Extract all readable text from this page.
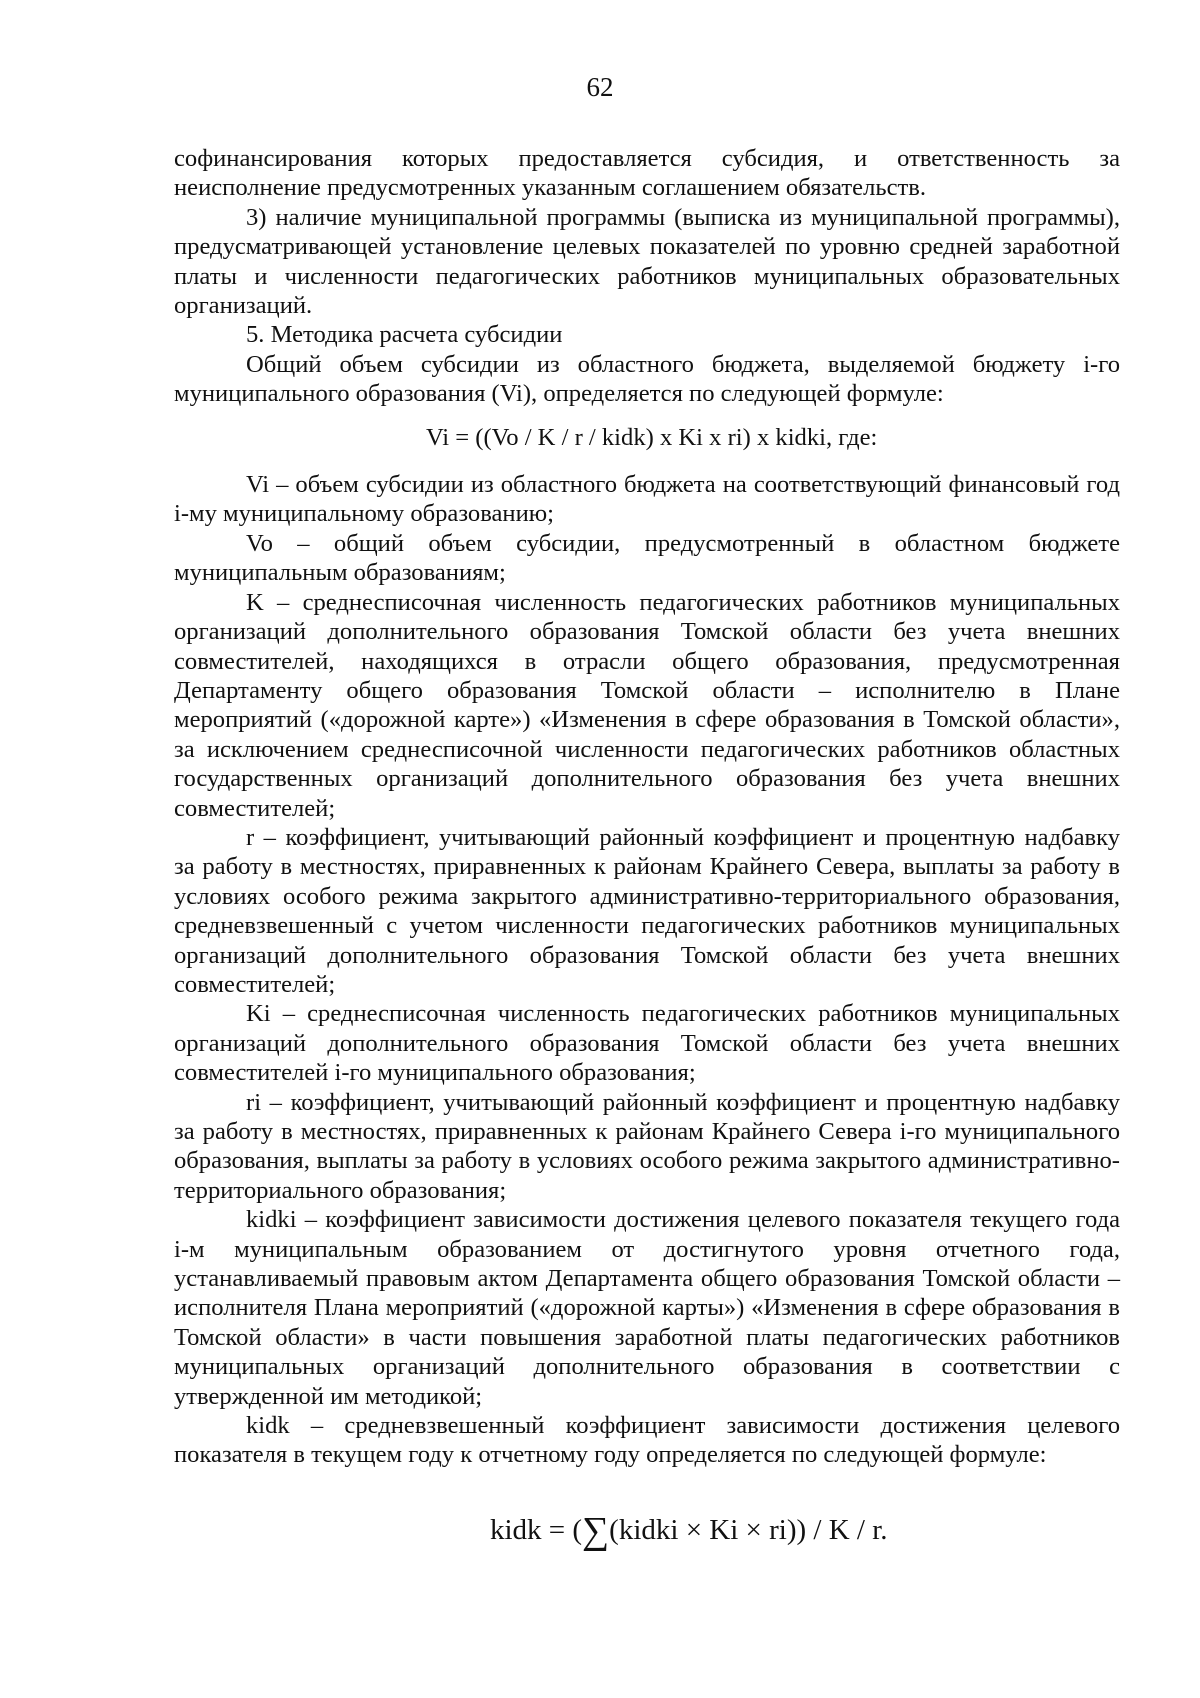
62

софинансирования которых предоставляется субсидия, и ответственность за неисполнение предусмотренных указанным соглашением обязательств.

3) наличие муниципальной программы (выписка из муниципальной программы), предусматривающей установление целевых показателей по уровню средней заработной платы и численности педагогических работников муниципальных образовательных организаций.

5. Методика расчета субсидии

Общий объем субсидии из областного бюджета, выделяемой бюджету i-го муниципального образования (Vi), определяется по следующей формуле:

Vi = ((Vo / K / r / kidk) x Ki x ri) x kidki, где:

Vi – объем субсидии из областного бюджета на соответствующий финансовый год i-му муниципальному образованию;

Vo – общий объем субсидии, предусмотренный в областном бюджете муниципальным образованиям;

K – среднесписочная численность педагогических работников муниципальных организаций дополнительного образования Томской области без учета внешних совместителей, находящихся в отрасли общего образования, предусмотренная Департаменту общего образования Томской области – исполнителю в Плане мероприятий («дорожной карте») «Изменения в сфере образования в Томской области», за исключением среднесписочной численности педагогических работников областных государственных организаций дополнительного образования без учета внешних совместителей;

r – коэффициент, учитывающий районный коэффициент и процентную надбавку за работу в местностях, приравненных к районам Крайнего Севера, выплаты за работу в условиях особого режима закрытого административно-территориального образования, средневзвешенный с учетом численности педагогических работников муниципальных организаций дополнительного образования Томской области без учета внешних совместителей;

Ki – среднесписочная численность педагогических работников муниципальных организаций дополнительного образования Томской области без учета внешних совместителей i-го муниципального образования;

ri – коэффициент, учитывающий районный коэффициент и процентную надбавку за работу в местностях, приравненных к районам Крайнего Севера i-го муниципального образования, выплаты за работу в условиях особого режима закрытого административно-территориального образования;

kidki – коэффициент зависимости достижения целевого показателя текущего года i-м муниципальным образованием от достигнутого уровня отчетного года, устанавливаемый правовым актом Департамента общего образования Томской области – исполнителя Плана мероприятий («дорожной карты») «Изменения в сфере образования в Томской области» в части повышения заработной платы педагогических работников муниципальных организаций дополнительного образования в соответствии с утвержденной им методикой;

kidk – средневзвешенный коэффициент зависимости достижения целевого показателя в текущем году к отчетному году определяется по следующей формуле:

kidk = (∑(kidki × Ki × ri)) / K / r.
